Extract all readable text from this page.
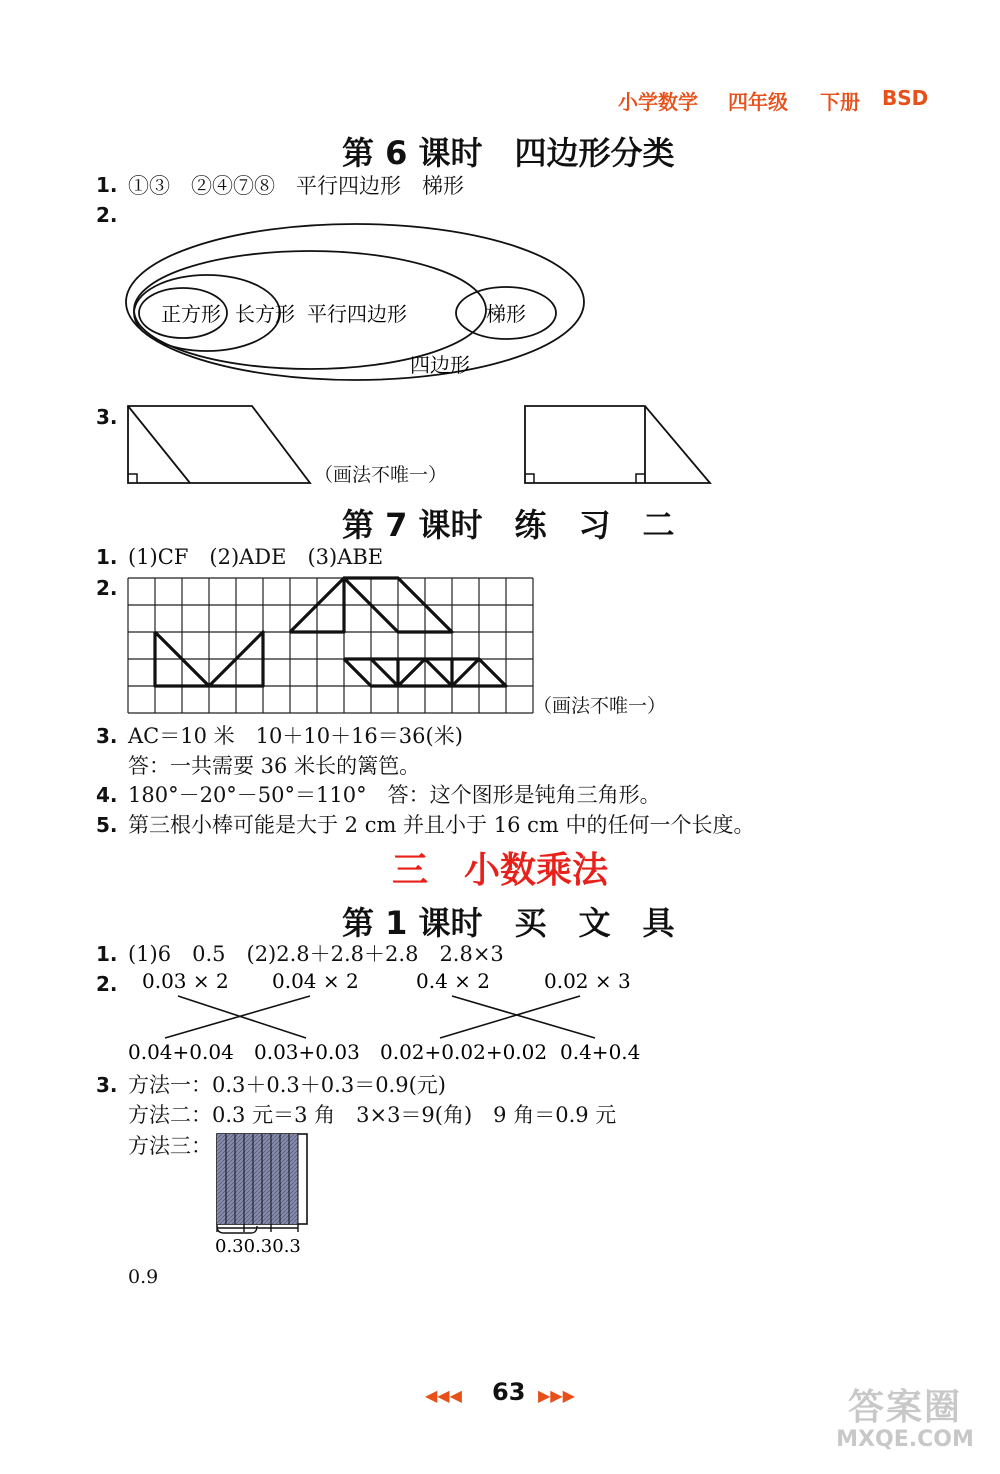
小学数学 四年级 下册 BSD
第 6 课时　四边形分类
1. ①③　②④⑦⑧　平行四边形　梯形
2.
正方形 长方形 平行四边形	梯形
四边形
3.
（画法不唯一）
第 7 课时　练　习　二
1. (1)CF　(2)ADE　(3)ABE
2.
（画法不唯一）
3. AC＝10 米　10＋10＋16＝36(米)
答：一共需要 36 米长的篱笆。
4. 180°－20°－50°＝110°　答：这个图形是钝角三角形。
5. 第三根小棒可能是大于 2 cm 并且小于 16 cm 中的任何一个长度。
三　小数乘法
第 1 课时　买　文　具
1. (1)6　0.5　(2)2.8＋2.8＋2.8　2.8×3
2. 0.03 × 2 0.04 × 2	0.4 × 2	0.02 × 3
0.04+0.04 0.03+0.03 0.02+0.02+0.02 0.4+0.4
3. 方法一：0.3＋0.3＋0.3＝0.9(元)
方法二：0.3 元＝3 角　3×3＝9(角)　9 角＝0.9 元
方法三：
0.30.30.3
0.9
◀◀◀ 63 ▶▶▶	答案圈
MXQE.COM
